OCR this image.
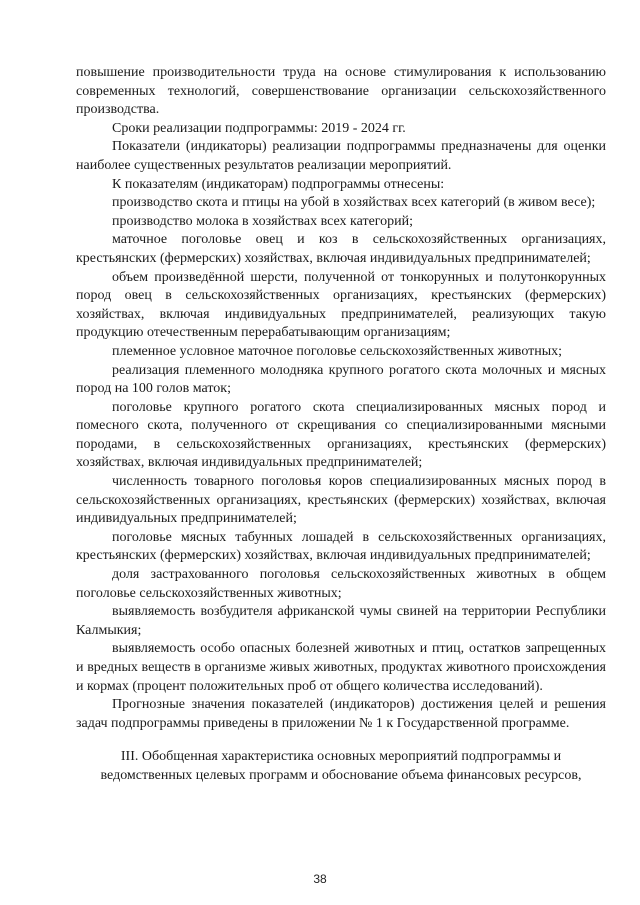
повышение производительности труда на основе стимулирования к использованию современных технологий, совершенствование организации сельскохозяйственного производства.

Сроки реализации подпрограммы: 2019 - 2024 гг.

Показатели (индикаторы) реализации подпрограммы предназначены для оценки наиболее существенных результатов реализации мероприятий.

К показателям (индикаторам) подпрограммы отнесены:

производство скота и птицы на убой в хозяйствах всех категорий (в живом весе);

производство молока в хозяйствах всех категорий;

маточное поголовье овец и коз в сельскохозяйственных организациях, крестьянских (фермерских) хозяйствах, включая индивидуальных предпринимателей;

объем произведённой шерсти, полученной от тонкорунных и полутонкорунных пород овец в сельскохозяйственных организациях, крестьянских (фермерских) хозяйствах, включая индивидуальных предпринимателей, реализующих такую продукцию отечественным перерабатывающим организациям;

племенное условное маточное поголовье сельскохозяйственных животных;

реализация племенного молодняка крупного рогатого скота молочных и мясных пород на 100 голов маток;

поголовье крупного рогатого скота специализированных мясных пород и помесного скота, полученного от скрещивания со специализированными мясными породами, в сельскохозяйственных организациях, крестьянских (фермерских) хозяйствах, включая индивидуальных предпринимателей;

численность товарного поголовья коров специализированных мясных пород в сельскохозяйственных организациях, крестьянских (фермерских) хозяйствах, включая индивидуальных предпринимателей;

поголовье мясных табунных лошадей в сельскохозяйственных организациях, крестьянских (фермерских) хозяйствах, включая индивидуальных предпринимателей;

доля застрахованного поголовья сельскохозяйственных животных в общем поголовье сельскохозяйственных животных;

выявляемость возбудителя африканской чумы свиней на территории Республики Калмыкия;

выявляемость особо опасных болезней животных и птиц, остатков запрещенных и вредных веществ в организме живых животных, продуктах животного происхождения и кормах (процент положительных проб от общего количества исследований).

Прогнозные значения показателей (индикаторов) достижения целей и решения задач подпрограммы приведены в приложении № 1 к Государственной программе.

III. Обобщенная характеристика основных мероприятий подпрограммы и
ведомственных целевых программ и обоснование объема финансовых ресурсов,
38
